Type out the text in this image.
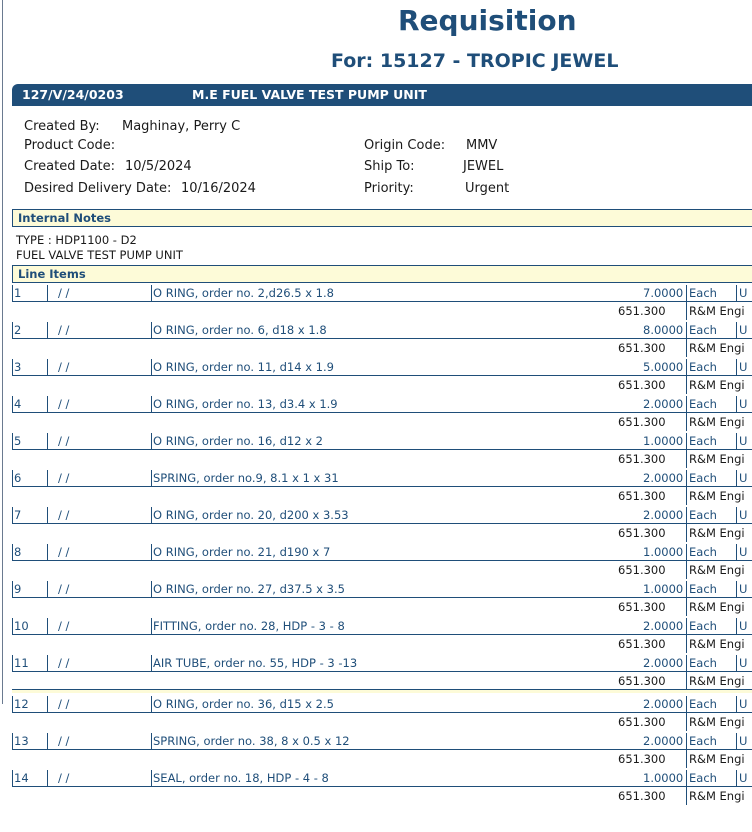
Requisition
For: 15127 - TROPIC JEWEL
127/V/24/0203	M.E FUEL VALVE TEST PUMP UNIT
Created By: Maghinay, Perry C
Product Code:
Created Date: 10/5/2024
Desired Delivery Date: 10/16/2024
Origin Code: MMV
Ship To:	JEWEL
Priority:	Urgent
Internal Notes
TYPE : HDP1100 - D2
FUEL VALVE TEST PUMP UNIT
Line Items
1	/ /	O RING, order no. 2,d26.5 x 1.8	7.0000 Each U
651.300 R&M Engi
2	/ /	O RING, order no. 6, d18 x 1.8	8.0000 Each U
651.300 R&M Engi
3	/ /	O RING, order no. 11, d14 x 1.9	5.0000 Each U
651.300 R&M Engi
4	/ /	O RING, order no. 13, d3.4 x 1.9	2.0000 Each U
651.300 R&M Engi
5	/ /	O RING, order no. 16, d12 x 2	1.0000 Each U
651.300 R&M Engi
6	/ /	SPRING, order no.9, 8.1 x 1 x 31	2.0000 Each U
651.300 R&M Engi
7	/ /	O RING, order no. 20, d200 x 3.53	2.0000 Each U
651.300 R&M Engi
8	/ /	O RING, order no. 21, d190 x 7	1.0000 Each U
651.300 R&M Engi
9	/ /	O RING, order no. 27, d37.5 x 3.5	1.0000 Each U
651.300 R&M Engi
10	/ /	FITTING, order no. 28, HDP - 3 - 8	2.0000 Each U
651.300 R&M Engi
11	/ /	AIR TUBE, order no. 55, HDP - 3 -13	2.0000 Each U
651.300 R&M Engi
12	/ /	O RING, order no. 36, d15 x 2.5	2.0000 Each U
651.300 R&M Engi
13	/ /	SPRING, order no. 38, 8 x 0.5 x 12	2.0000 Each U
651.300 R&M Engi
14	/ /	SEAL, order no. 18, HDP - 4 - 8	1.0000 Each U
651.300 R&M Engi
